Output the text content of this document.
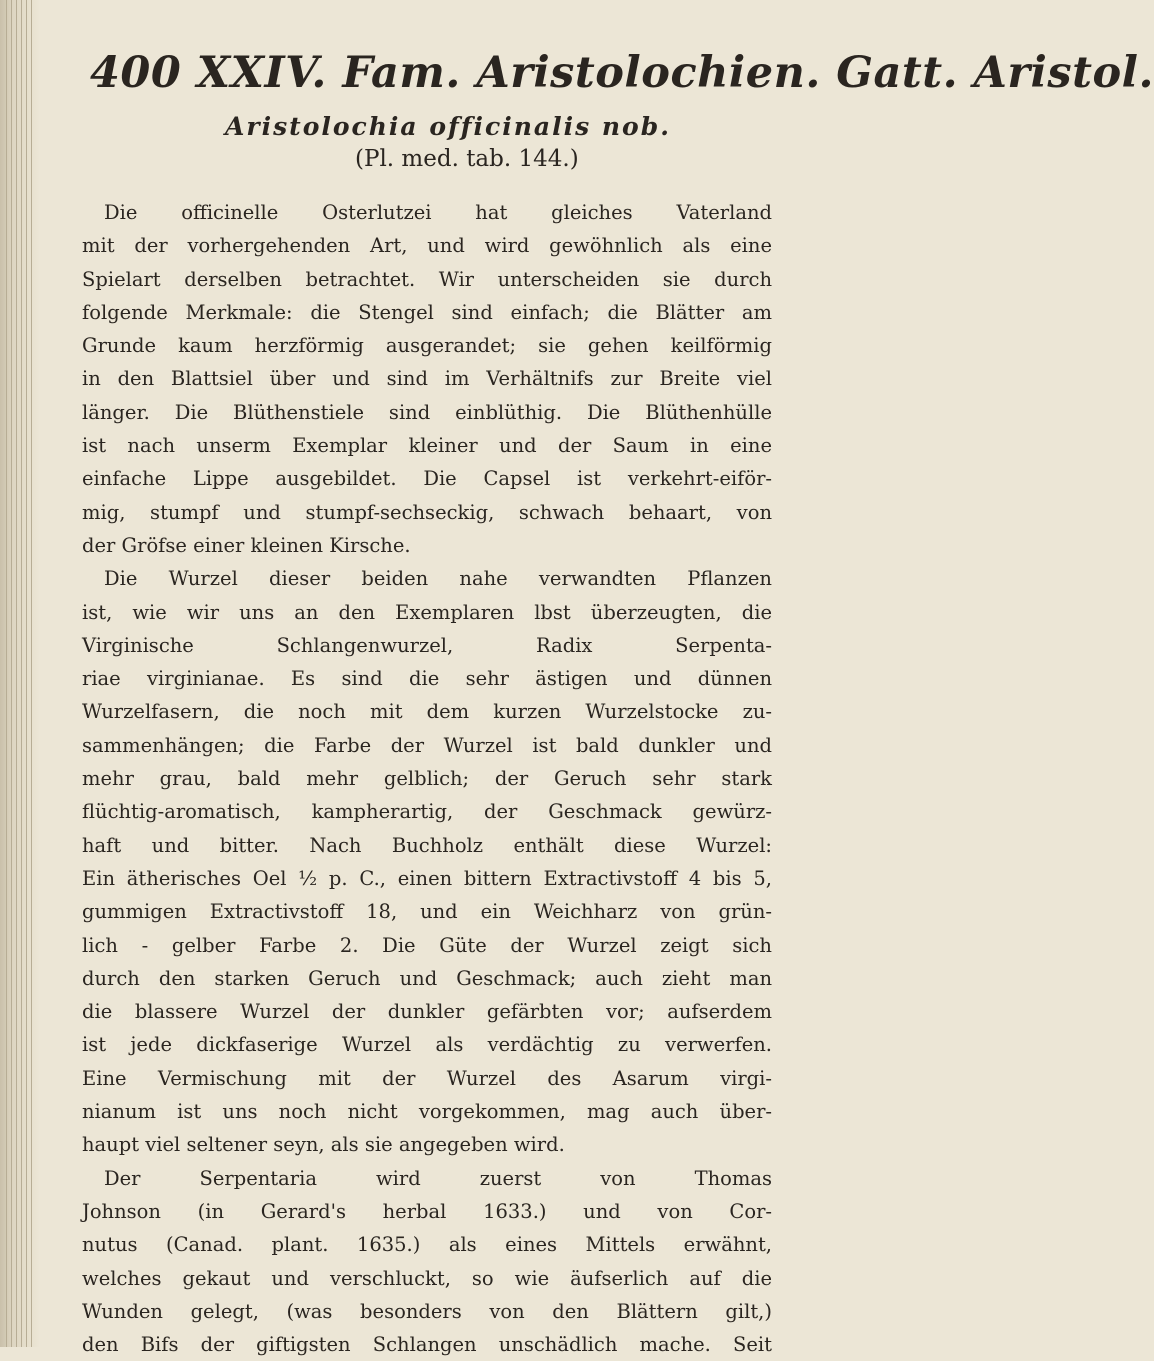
400 XXIV. Fam. Aristolochien. Gatt. Aristol.
Aristolochia officinalis nob.
(Pl. med. tab. 144.)
Die officinelle Osterlutzei hat gleiches Vaterland
mit der vorhergehenden Art, und wird gewöhnlich als eine
Spielart derselben betrachtet. Wir unterscheiden sie durch
folgende Merkmale: die Stengel sind einfach; die Blätter am
Grunde kaum herzförmig ausgerandet; sie gehen keilförmig
in den Blattsiel über und sind im Verhältnifs zur Breite viel
länger. Die Blüthenstiele sind einblüthig. Die Blüthenhülle
ist nach unserm Exemplar kleiner und der Saum in eine
einfache Lippe ausgebildet. Die Capsel ist verkehrt-eiför-
mig, stumpf und stumpf-sechseckig, schwach behaart, von
der Gröfse einer kleinen Kirsche.
Die Wurzel dieser beiden nahe verwandten Pflanzen
ist, wie wir uns an den Exemplaren lbst überzeugten, die
Virginische Schlangenwurzel, Radix Serpenta-
riae virginianae. Es sind die sehr ästigen und dünnen
Wurzelfasern, die noch mit dem kurzen Wurzelstocke zu-
sammenhängen; die Farbe der Wurzel ist bald dunkler und
mehr grau, bald mehr gelblich; der Geruch sehr stark
flüchtig-aromatisch, kampherartig, der Geschmack gewürz-
haft und bitter. Nach Buchholz enthält diese Wurzel:
Ein ätherisches Oel ½ p. C., einen bittern Extractivstoff 4 bis 5,
gummigen Extractivstoff 18, und ein Weichharz von grün-
lich - gelber Farbe 2. Die Güte der Wurzel zeigt sich
durch den starken Geruch und Geschmack; auch zieht man
die blassere Wurzel der dunkler gefärbten vor; aufserdem
ist jede dickfaserige Wurzel als verdächtig zu verwerfen.
Eine Vermischung mit der Wurzel des Asarum virgi-
nianum ist uns noch nicht vorgekommen, mag auch über-
haupt viel seltener seyn, als sie angegeben wird.
Der Serpentaria wird zuerst von Thomas
Johnson (in Gerard's herbal 1633.) und von Cor-
nutus (Canad. plant. 1635.) als eines Mittels erwähnt,
welches gekaut und verschluckt, so wie äufserlich auf die
Wunden gelegt, (was besonders von den Blättern gilt,)
den Bifs der giftigsten Schlangen unschädlich mache. Seit
